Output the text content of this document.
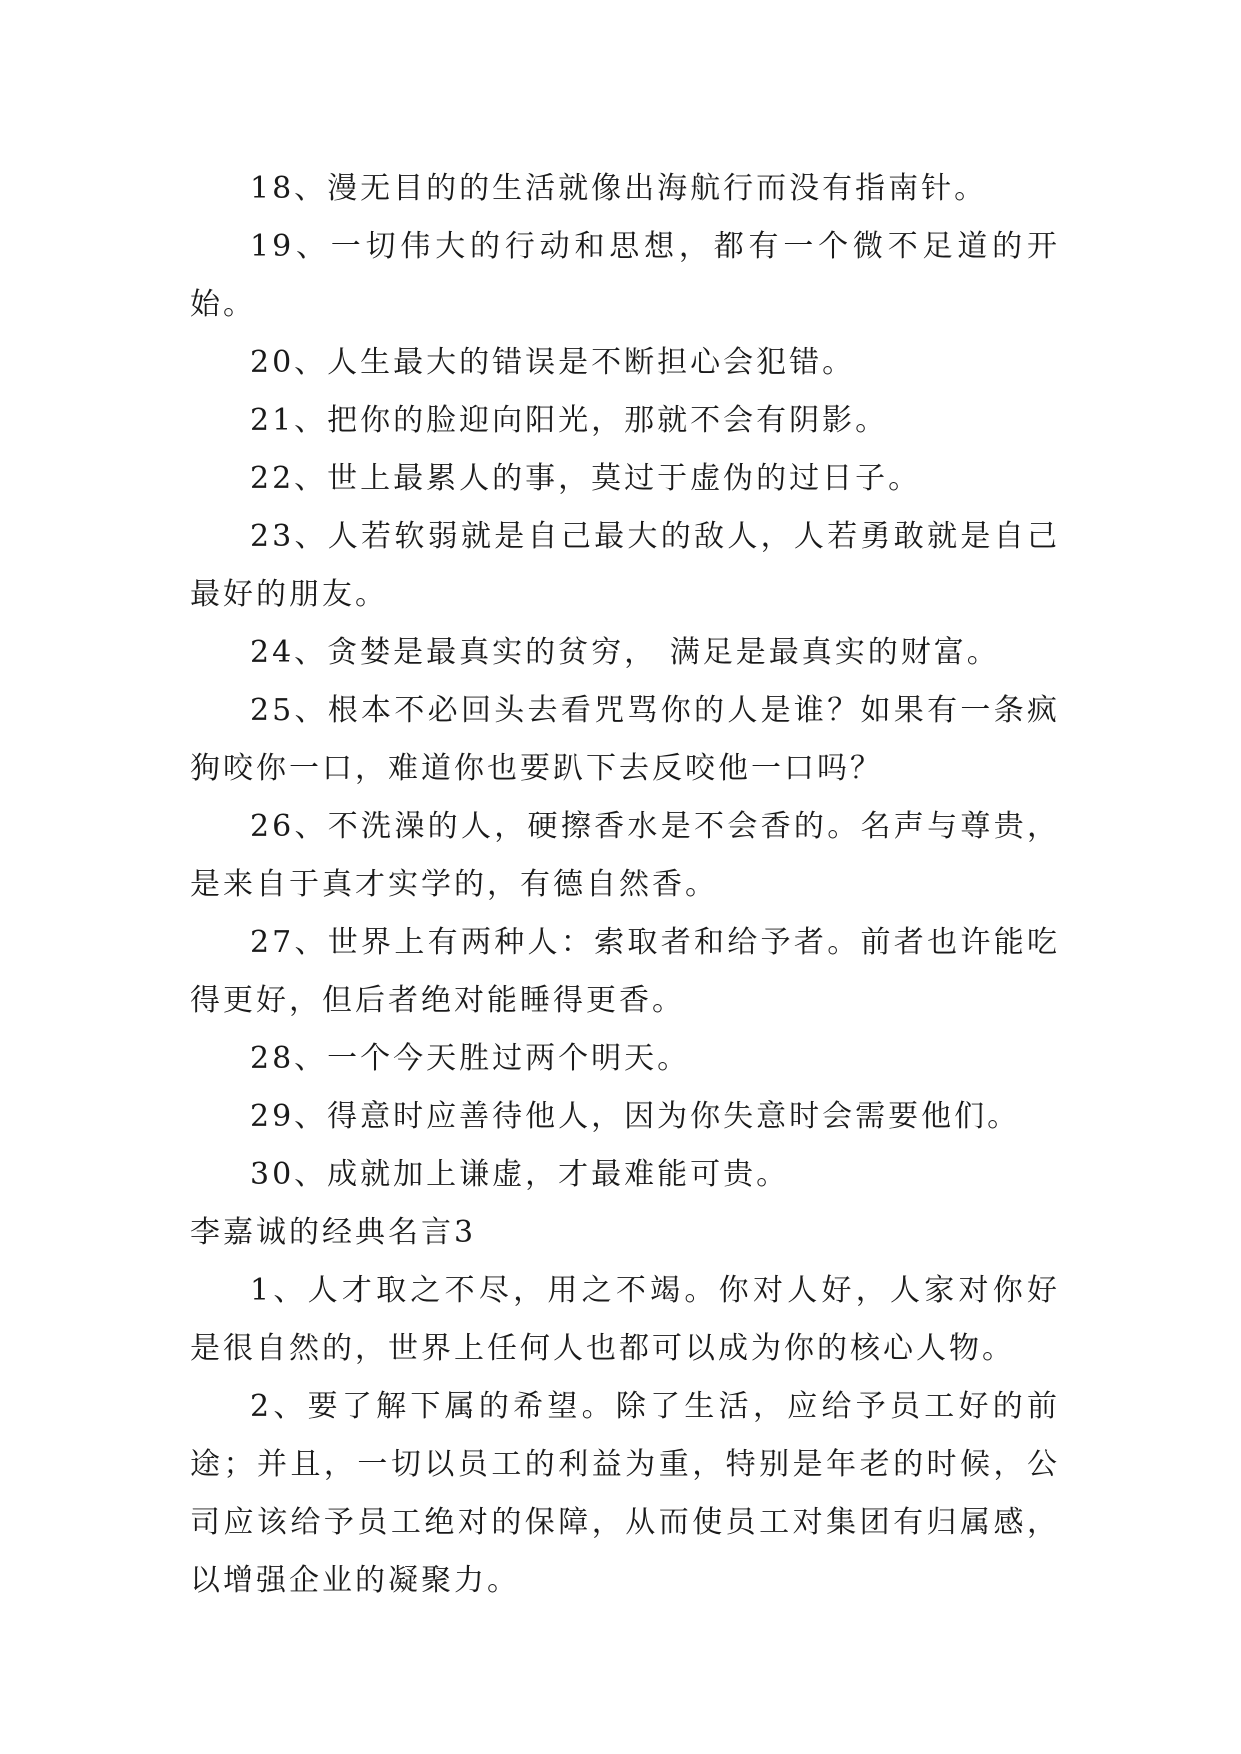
18、漫无目的的生活就像出海航行而没有指南针。

19、一切伟大的行动和思想，都有一个微不足道的开始。

20、人生最大的错误是不断担心会犯错。

21、把你的脸迎向阳光，那就不会有阴影。

22、世上最累人的事，莫过于虚伪的过日子。

23、人若软弱就是自己最大的敌人，人若勇敢就是自己最好的朋友。

24、贪婪是最真实的贫穷， 满足是最真实的财富。

25、根本不必回头去看咒骂你的人是谁？如果有一条疯狗咬你一口，难道你也要趴下去反咬他一口吗？

26、不洗澡的人，硬擦香水是不会香的。名声与尊贵，是来自于真才实学的，有德自然香。

27、世界上有两种人：索取者和给予者。前者也许能吃得更好，但后者绝对能睡得更香。

28、一个今天胜过两个明天。

29、得意时应善待他人，因为你失意时会需要他们。

30、成就加上谦虚，才最难能可贵。

李嘉诚的经典名言3

1、人才取之不尽，用之不竭。你对人好，人家对你好是很自然的，世界上任何人也都可以成为你的核心人物。

2、要了解下属的希望。除了生活，应给予员工好的前途；并且，一切以员工的利益为重，特别是年老的时候，公司应该给予员工绝对的保障，从而使员工对集团有归属感，以增强企业的凝聚力。
